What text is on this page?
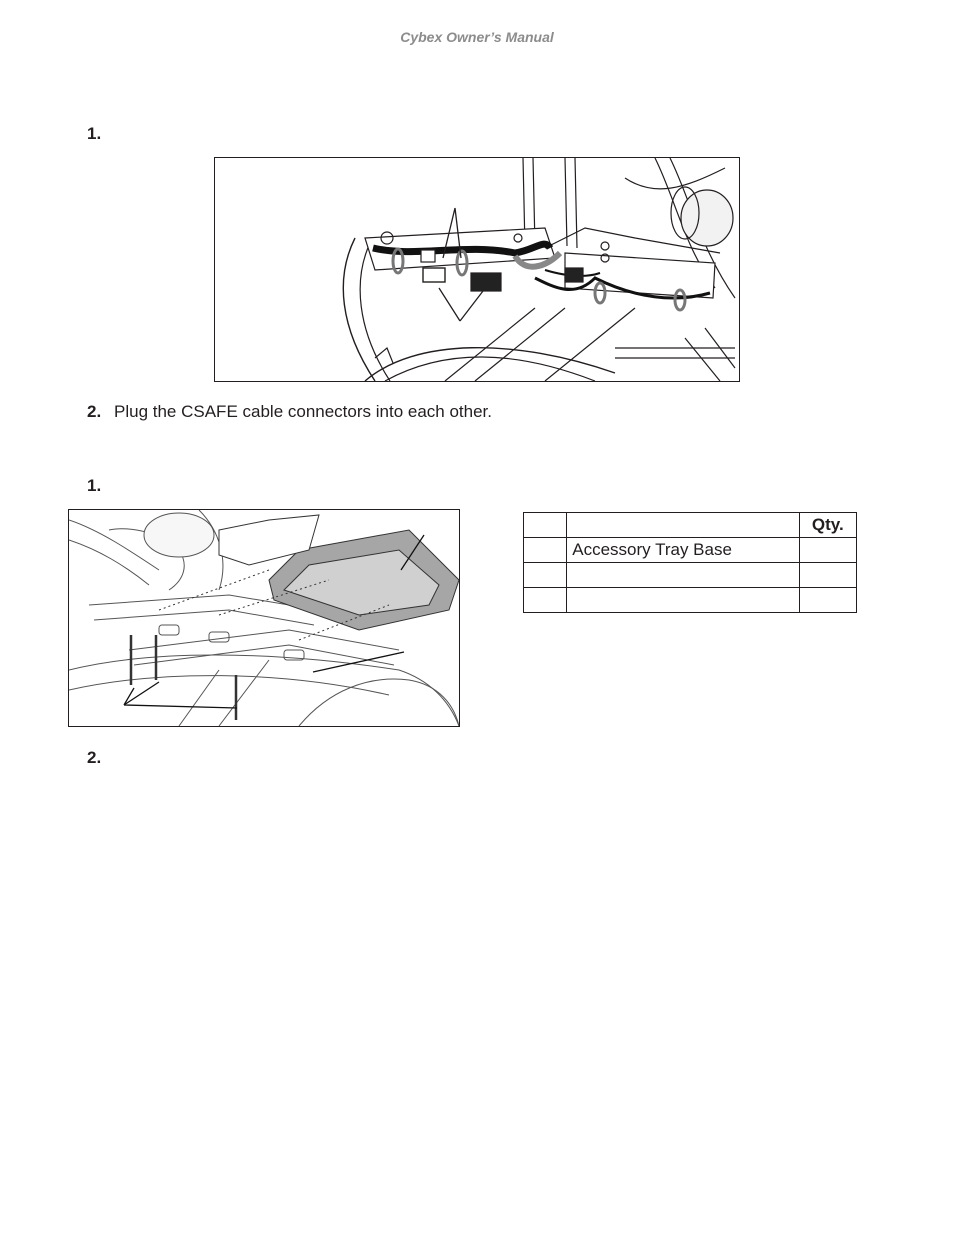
Cybex Owner’s Manual
1.
2. Plug the CSAFE cable connectors into each other.
1.
		Qty.
	Accessory Tray Base	

2.
